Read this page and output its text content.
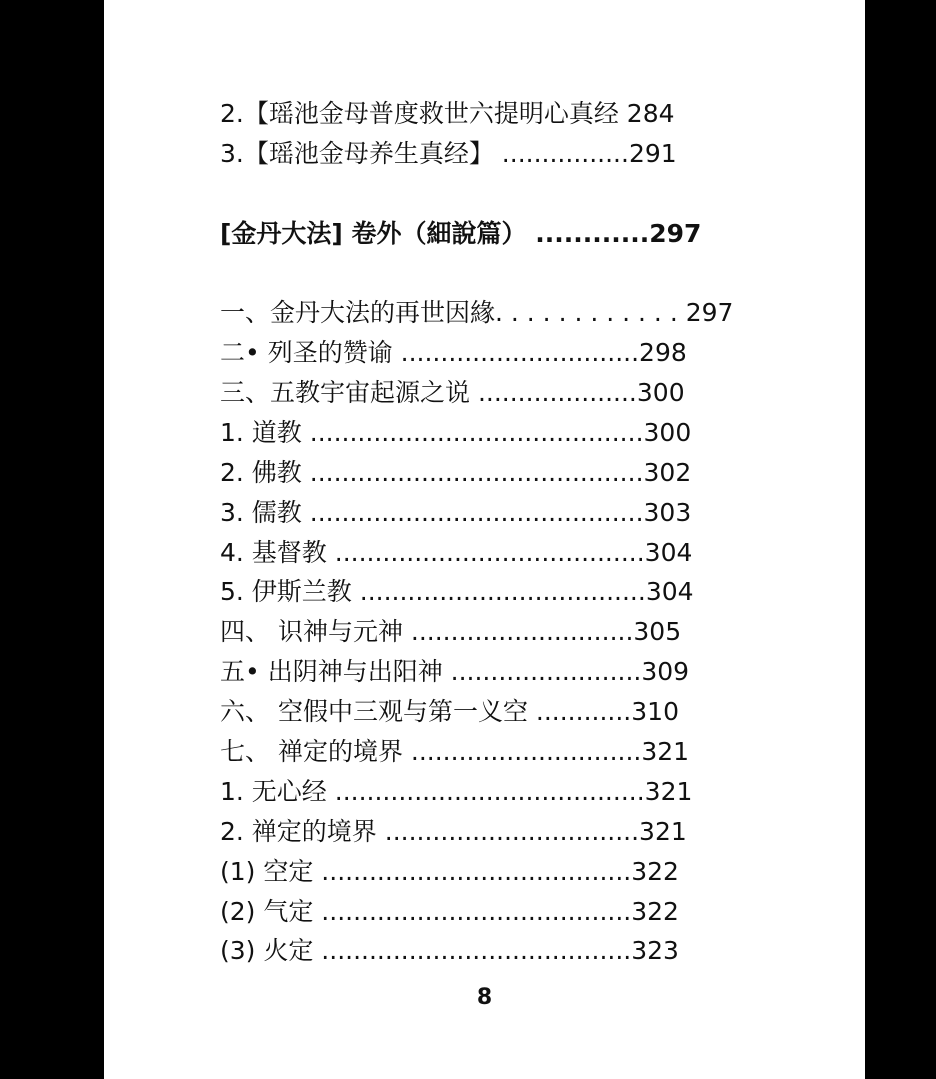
2.【瑶池金母普度救世六提明心真经 284
3.【瑶池金母养生真经】 ................291
[金丹大法] 卷外（細說篇） ............297
一、金丹大法的再世因緣. . . . . . . . . . . . 297
二• 列圣的赞谕 ..............................298
三、五教宇宙起源之说 ....................300
1. 道教 ..........................................300
2. 佛教 ..........................................302
3. 儒教 ..........................................303
4. 基督教 .......................................304
5. 伊斯兰教 ....................................304
四、 识神与元神 ............................305
五• 出阴神与出阳神 ........................309
六、 空假中三观与第一义空 ............310
七、 禅定的境界 .............................321
1. 无心经 .......................................321
2. 禅定的境界 ................................321
(1) 空定 .......................................322
(2) 气定 .......................................322
(3) 火定 .......................................323
8
